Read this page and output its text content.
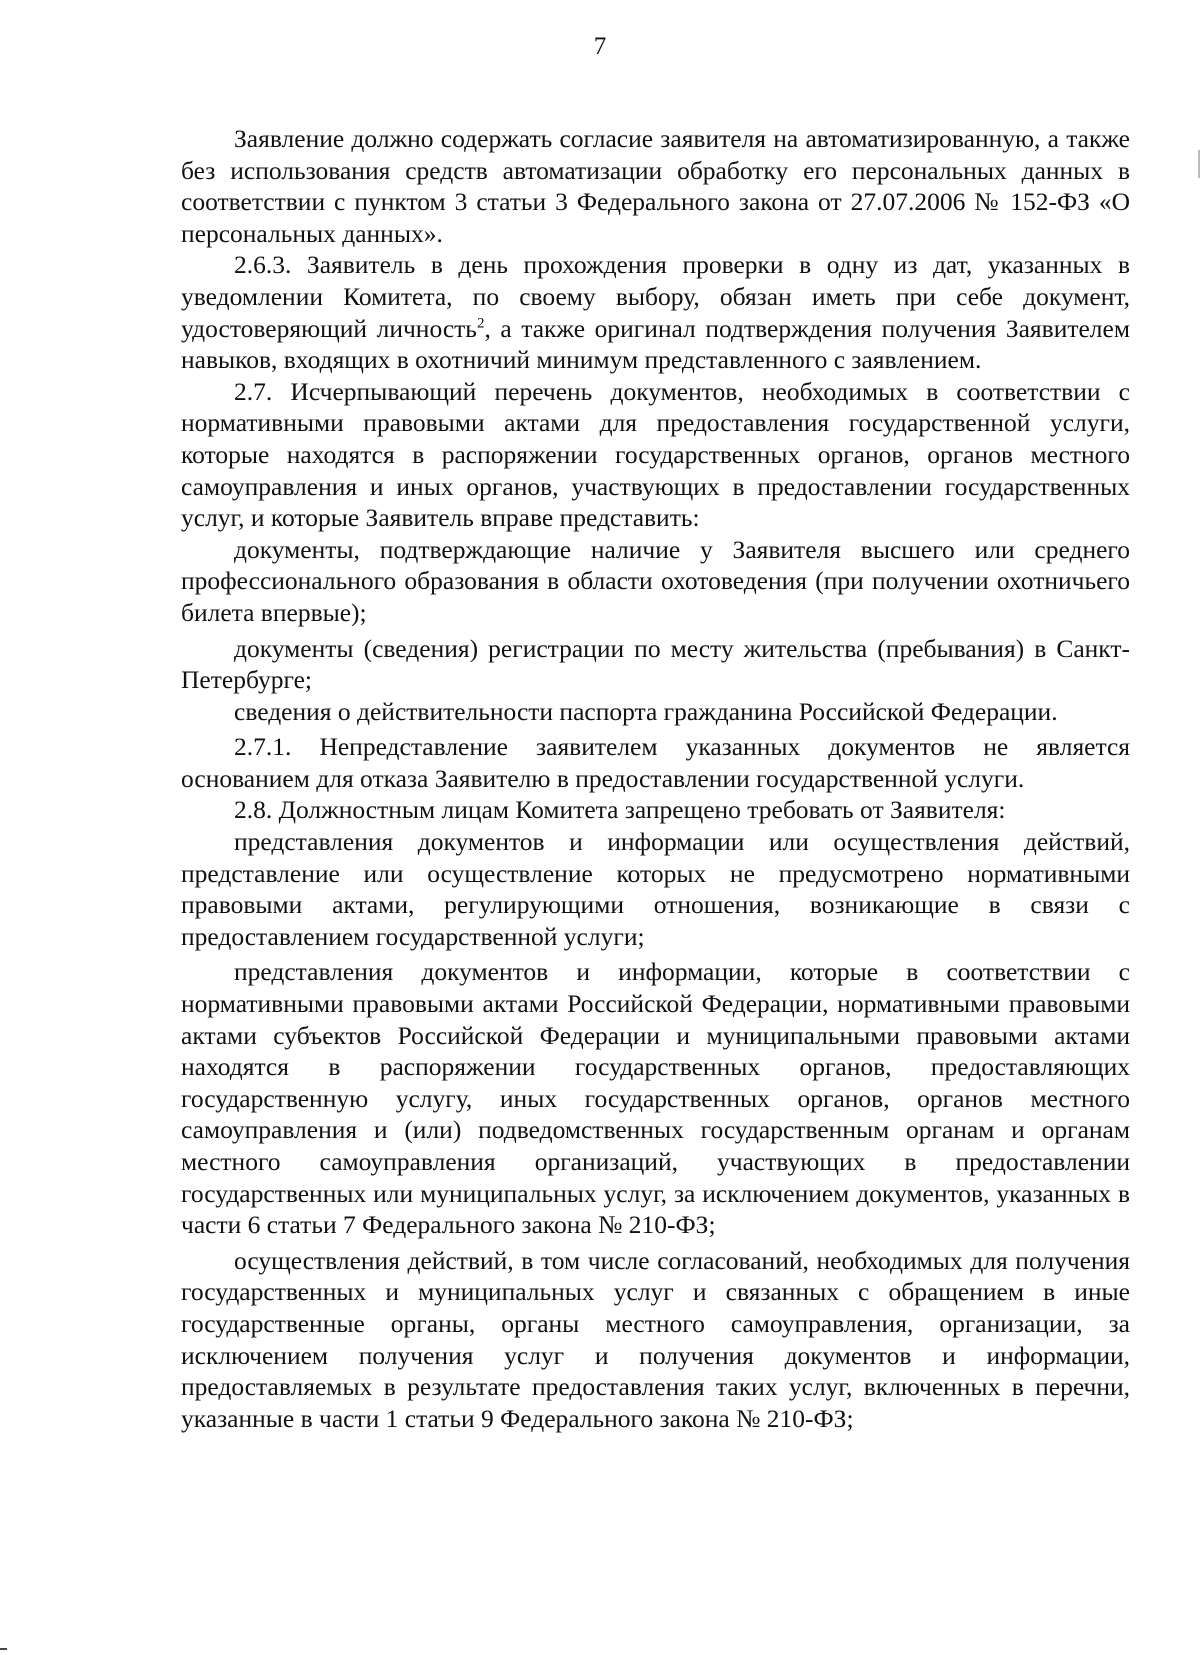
7

Заявление должно содержать согласие заявителя на автоматизированную, а также без использования средств автоматизации обработку его персональных данных в соответствии с пунктом 3 статьи 3 Федерального закона от 27.07.2006 № 152-ФЗ «О персональных данных».

2.6.3. Заявитель в день прохождения проверки в одну из дат, указанных в уведомлении Комитета, по своему выбору, обязан иметь при себе документ, удостоверяющий личность$^2$, а также оригинал подтверждения получения Заявителем навыков, входящих в охотничий минимум представленного с заявлением.

2.7. Исчерпывающий перечень документов, необходимых в соответствии с нормативными правовыми актами для предоставления государственной услуги, которые находятся в распоряжении государственных органов, органов местного самоуправления и иных органов, участвующих в предоставлении государственных услуг, и которые Заявитель вправе представить:

документы, подтверждающие наличие у Заявителя высшего или среднего профессионального образования в области охотоведения (при получении охотничьего билета впервые);

документы (сведения) регистрации по месту жительства (пребывания) в Санкт-Петербурге;

сведения о действительности паспорта гражданина Российской Федерации.

2.7.1. Непредставление заявителем указанных документов не является основанием для отказа Заявителю в предоставлении государственной услуги.

2.8. Должностным лицам Комитета запрещено требовать от Заявителя:

представления документов и информации или осуществления действий, представление или осуществление которых не предусмотрено нормативными правовыми актами, регулирующими отношения, возникающие в связи с предоставлением государственной услуги;

представления документов и информации, которые в соответствии с нормативными правовыми актами Российской Федерации, нормативными правовыми актами субъектов Российской Федерации и муниципальными правовыми актами находятся в распоряжении государственных органов, предоставляющих государственную услугу, иных государственных органов, органов местного самоуправления и (или) подведомственных государственным органам и органам местного самоуправления организаций, участвующих в предоставлении государственных или муниципальных услуг, за исключением документов, указанных в части 6 статьи 7 Федерального закона № 210-ФЗ;

осуществления действий, в том числе согласований, необходимых для получения государственных и муниципальных услуг и связанных с обращением в иные государственные органы, органы местного самоуправления, организации, за исключением получения услуг и получения документов и информации, предоставляемых в результате предоставления таких услуг, включенных в перечни, указанные в части 1 статьи 9 Федерального закона № 210-ФЗ;
